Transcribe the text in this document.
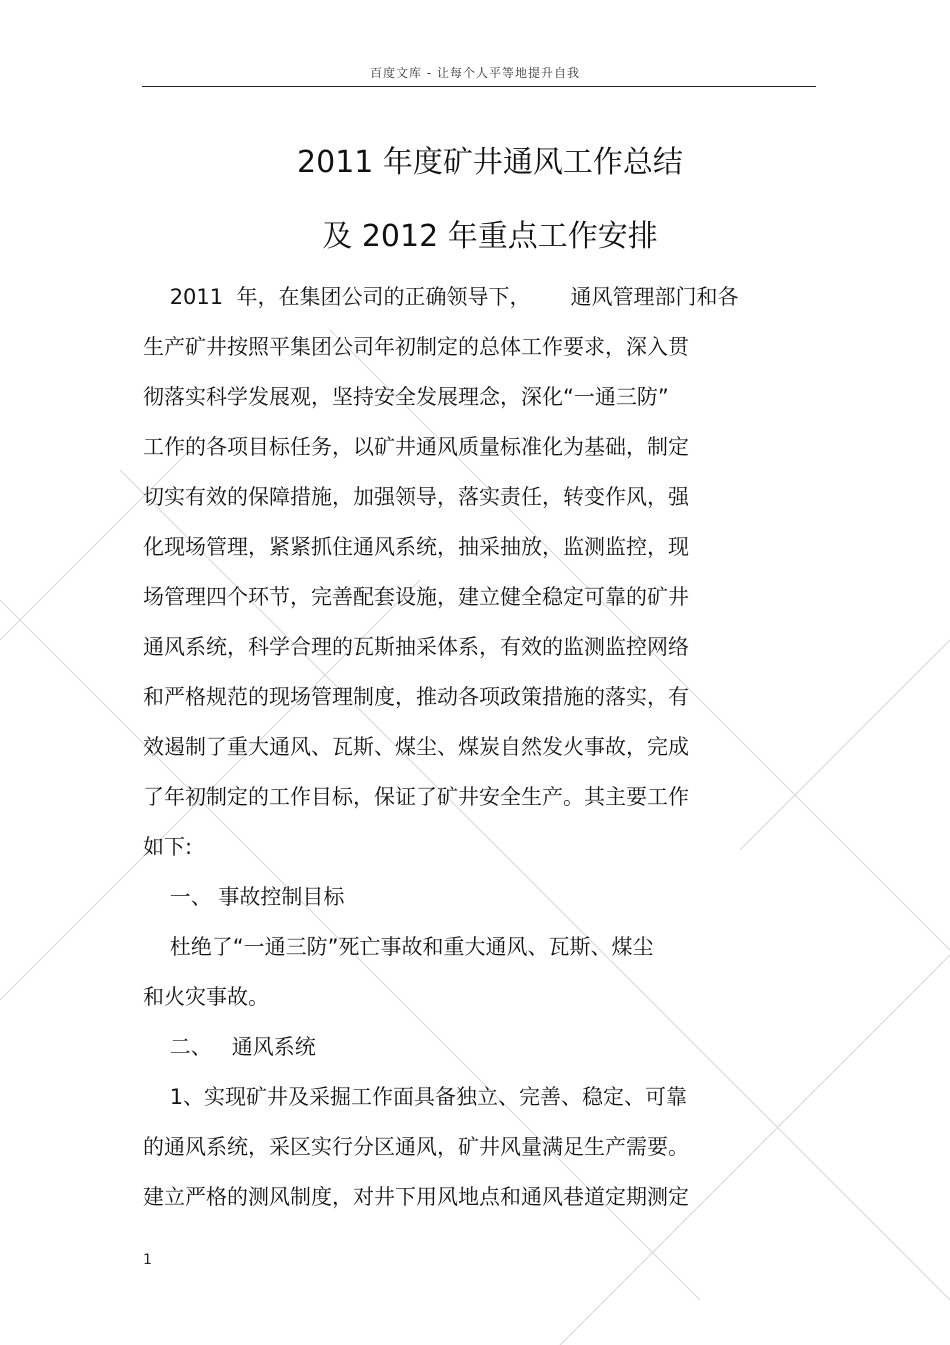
百度文库 - 让每个人平等地提升自我
2011 年度矿井通风工作总结
及 2012 年重点工作安排
2011  年，在集团公司的正确领导下，      通风管理部门和各
生产矿井按照平集团公司年初制定的总体工作要求，深入贯
彻落实科学发展观，坚持安全发展理念，深化“一通三防”
工作的各项目标任务，以矿井通风质量标准化为基础，制定
切实有效的保障措施，加强领导，落实责任，转变作风，强
化现场管理，紧紧抓住通风系统，抽采抽放，监测监控，现
场管理四个环节，完善配套设施，建立健全稳定可靠的矿井
通风系统，科学合理的瓦斯抽采体系，有效的监测监控网络
和严格规范的现场管理制度，推动各项政策措施的落实，有
效遏制了重大通风、瓦斯、煤尘、煤炭自然发火事故，完成
了年初制定的工作目标，保证了矿井安全生产。其主要工作
如下:
一、 事故控制目标
杜绝了“一通三防”死亡事故和重大通风、瓦斯、煤尘
和火灾事故。
二、   通风系统
1、实现矿井及采掘工作面具备独立、完善、稳定、可靠
的通风系统，采区实行分区通风，矿井风量满足生产需要。
建立严格的测风制度，对井下用风地点和通风巷道定期测定
1
